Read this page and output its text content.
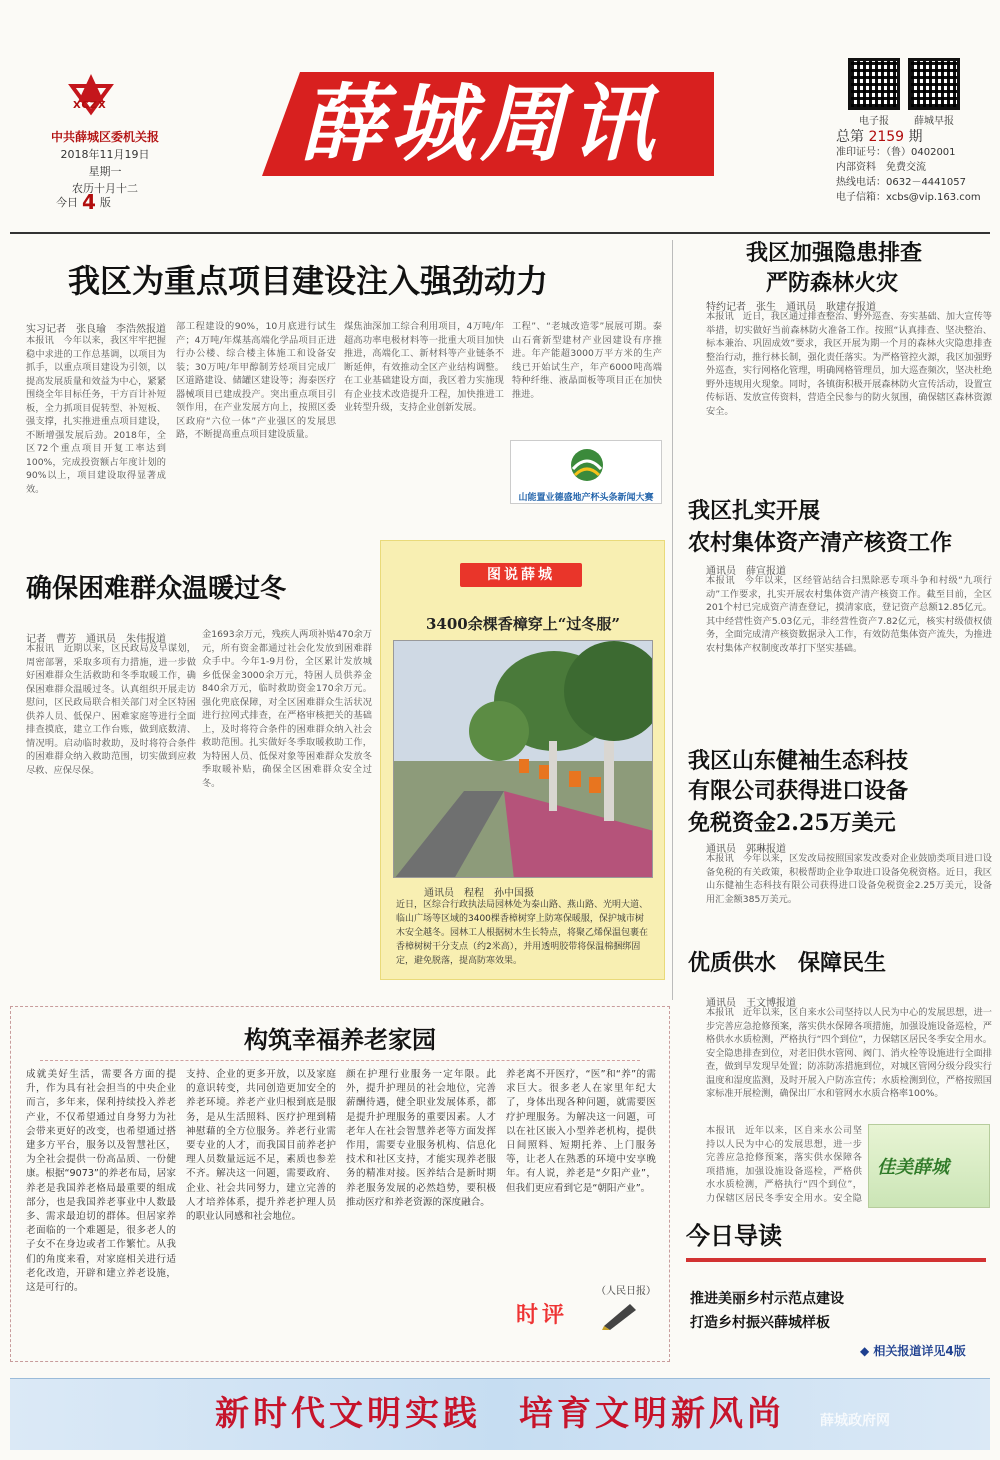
XCZX
中共薛城区委机关报
2018年11月19日
星期一
农历十月十二
今日 4 版
薛城周讯	电子报	薛城早报
总第 2159 期
准印证号：（鲁）0402001
内部资料　免费交流
热线电话：0632－4441057
电子信箱：xcbs@vip.163.com
我区为重点项目建设注入强劲动力
实习记者　张良瑜　李浩然报道
本报讯　今年以来，我区牢牢把握稳中求进的工作总基调，以项目为抓手，以重点项目建设为引领，以提高发展质量和效益为中心，紧紧围绕全年目标任务，干方百计补短板，全力抓项目促转型、补短板、强支撑，扎实推进重点项目建设，不断增强发展后劲。2018年，全区72个重点项目开复工率达到100%，完成投资额占年度计划的90%以上，项目建设取得显著成效。
部工程建设的90%，10月底进行试生产；4万吨/年煤基高端化学品项目正进行办公楼、综合楼主体施工和设备安装；30万吨/年甲醇制芳烃项目完成厂区道路建设、储罐区建设等；海泰医疗器械项目已建成投产。突出重点项目引领作用，在产业发展方向上，按照区委区政府“六位一体”产业强区的发展思路，不断提高重点项目建设质量。
煤焦油深加工综合利用项目，4万吨/年超高功率电极材料等一批重大项目加快推进，高端化工、新材料等产业链条不断延伸，有效推动全区产业结构调整。在工业基础建设方面，我区着力实施现有企业技术改造提升工程，加快推进工业转型升级，支持企业创新发展。
工程”、“老城改造零”展展可期。泰山石膏新型建材产业园建设有序推进。年产能超3000万平方米的生产线已开始试生产，年产6000吨高端特种纤维、液晶面板等项目正在加快推进。
山能置业德盛地产杯头条新闻大赛
我区加强隐患排查
严防森林火灾
特约记者　张生　通讯员　耿建存报道
本报讯　近日，我区通过排查整治、野外巡查、夯实基础、加大宣传等举措，切实做好当前森林防火准备工作。按照“认真排查、坚决整治、标本兼治、巩固成效”要求，我区开展为期一个月的森林火灾隐患排查整治行动，推行林长制，强化责任落实。为严格管控火源，我区加强野外巡查，实行网格化管理，明确网格管理员，加大巡查频次，坚决杜绝野外违规用火现象。同时，各镇街积极开展森林防火宣传活动，设置宣传标语、发放宣传资料，营造全民参与的防火氛围，确保辖区森林资源安全。
我区扎实开展
农村集体资产清产核资工作
通讯员　薛宣报道
本报讯　今年以来，区经管站结合扫黑除恶专项斗争和村级“九项行动”工作要求，扎实开展农村集体资产清产核资工作。截至目前，全区201个村已完成资产清查登记，摸清家底，登记资产总额12.85亿元。其中经营性资产5.03亿元，非经营性资产7.82亿元，核实村级债权债务，全面完成清产核资数据录入工作，有效防范集体资产流失，为推进农村集体产权制度改革打下坚实基础。
我区山东健袖生态科技
有限公司获得进口设备
免税资金2.25万美元
通讯员　郭琳报道
本报讯　今年以来，区发改局按照国家发改委对企业鼓励类项目进口设备免税的有关政策，积极帮助企业争取进口设备免税资格。近日，我区山东健袖生态科技有限公司获得进口设备免税资金2.25万美元，设备用汇金额385万美元。
优质供水　保障民生
通讯员　王文博报道
本报讯　近年以来，区自来水公司坚持以人民为中心的发展思想，进一步完善应急抢修预案，落实供水保障各项措施，加强设施设备巡检，严格供水水质检测，严格执行“四个到位”，力保辖区居民冬季安全用水。安全隐患排查到位，对老旧供水管网、阀门、消火栓等设施进行全面排查，做到早发现早处置；防冻防冻措施到位，对城区管网分级分段实行温度和湿度监测，及时开展入户防冻宣传；水质检测到位，严格按照国家标准开展检测，确保出厂水和管网水水质合格率100%。
本报讯　近年以来，区自来水公司坚持以人民为中心的发展思想，进一步完善应急抢修预案，落实供水保障各项措施，加强设施设备巡检，严格供水水质检测，严格执行“四个到位”，力保辖区居民冬季安全用水。安全隐
佳美薛城
确保困难群众温暖过冬
记者　曹芳　通讯员　朱伟报道
本报讯　近期以来，区民政局及早谋划，周密部署，采取多项有力措施，进一步做好困难群众生活救助和冬季取暖工作，确保困难群众温暖过冬。认真组织开展走访慰问，区民政局联合相关部门对全区特困供养人员、低保户、困难家庭等进行全面排查摸底，建立工作台账，做到底数清、情况明。启动临时救助，及时将符合条件的困难群众纳入救助范围，切实做到应救尽救、应保尽保。
金1693余万元，残疾人两项补贴470余万元，所有资金都通过社会化发放到困难群众手中。今年1-9月份，全区累计发放城乡低保金3000余万元，特困人员供养金840余万元，临时救助资金170余万元。强化兜底保障，对全区困难群众生活状况进行拉网式排查，在严格审核把关的基础上，及时将符合条件的困难群众纳入社会救助范围。扎实做好冬季取暖救助工作，为特困人员、低保对象等困难群众发放冬季取暖补贴，确保全区困难群众安全过冬。
图说薛城
3400余棵香樟穿上“过冬服”
通讯员　程程　孙中国摄
近日，区综合行政执法局园林处为泰山路、燕山路、光明大道、临山广场等区域的3400棵香樟树穿上防寒保暖服，保护城市树木安全越冬。园林工人根据树木生长特点，将聚乙烯保温包裹在香樟树树干分支点（约2米高），并用透明胶带将保温棉捆绑固定，避免脱落，提高防寒效果。
构筑幸福养老家园
成就美好生活，需要各方面的提升，作为具有社会担当的中央企业而言，多年来，保利持续投入养老产业，不仅希望通过自身努力为社会带来更好的改变，也希望通过搭建多方平台，服务以及智慧社区，为全社会提供一份高品质、一份健康。根据“9073”的养老布局，居家养老是我国养老格局最重要的组成部分，也是我国养老事业中人数最多、需求最迫切的群体。但居家养老面临的一个难题是，很多老人的子女不在身边或者工作繁忙。从我们的角度来看，对家庭相关进行适老化改造，开辟和建立养老设施，这是可行的。
支持、企业的更多开放，以及家庭的意识转变，共同创造更加安全的养老环境。养老产业归根到底是服务，是从生活照料、医疗护理到精神慰藉的全方位服务。养老行业需要专业的人才，而我国目前养老护理人员数量远远不足，素质也参差不齐。解决这一问题，需要政府、企业、社会共同努力，建立完善的人才培养体系，提升养老护理人员的职业认同感和社会地位。
颜在护理行业服务一定年限。此外，提升护理员的社会地位，完善薪酬待遇，健全职业发展体系，都是提升护理服务的重要因素。人才老年人在社会智慧养老等方面发挥作用，需要专业服务机构、信息化技术和社区支持，才能实现养老服务的精准对接。医养结合是新时期养老服务发展的必然趋势，要积极推动医疗和养老资源的深度融合。
养老离不开医疗，“医”和“养”的需求巨大。很多老人在家里年纪大了，身体出现各种问题，就需要医疗护理服务。为解决这一问题，可以在社区嵌入小型养老机构，提供日间照料、短期托养、上门服务等，让老人在熟悉的环境中安享晚年。有人说，养老是“夕阳产业”，但我们更应看到它是“朝阳产业”。
（人民日报）
时评
今日导读
推进美丽乡村示范点建设
打造乡村振兴薛城样板
◆ 相关报道详见4版
新时代文明实践　培育文明新风尚	薛城政府网
